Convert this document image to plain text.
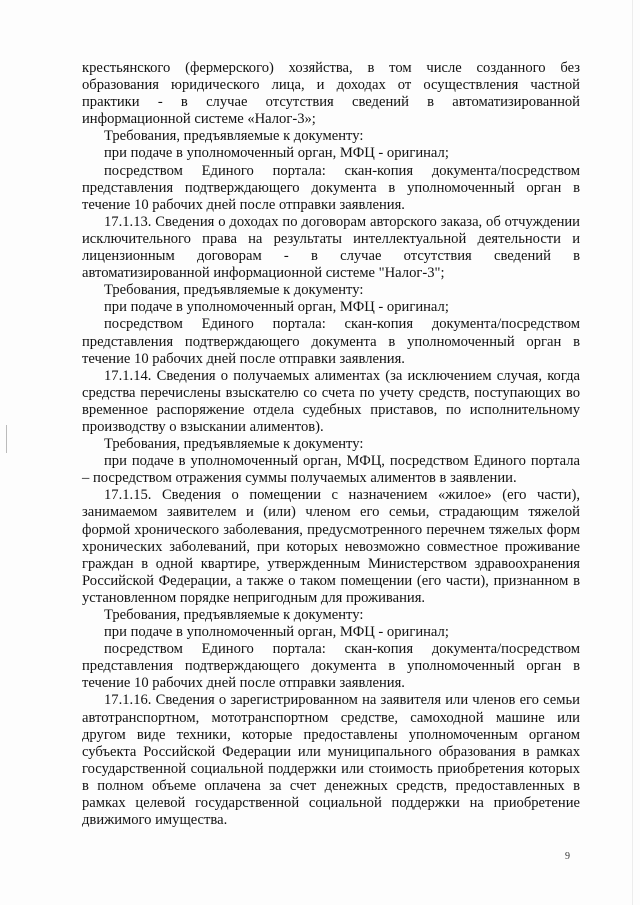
крестьянского (фермерского) хозяйства, в том числе созданного без образования юридического лица, и доходах от осуществления частной практики - в случае отсутствия сведений в автоматизированной информационной системе «Налог-3»;

Требования, предъявляемые к документу:

при подаче в уполномоченный орган, МФЦ - оригинал;

посредством Единого портала: скан-копия документа/посредством представления подтверждающего документа в уполномоченный орган в течение 10 рабочих дней после отправки заявления.

17.1.13. Сведения о доходах по договорам авторского заказа, об отчуждении исключительного права на результаты интеллектуальной деятельности и лицензионным договорам - в случае отсутствия сведений в автоматизированной информационной системе "Налог-3";

Требования, предъявляемые к документу:

при подаче в уполномоченный орган, МФЦ - оригинал;

посредством Единого портала: скан-копия документа/посредством представления подтверждающего документа в уполномоченный орган в течение 10 рабочих дней после отправки заявления.

17.1.14. Сведения о получаемых алиментах (за исключением случая, когда средства перечислены взыскателю со счета по учету средств, поступающих во временное распоряжение отдела судебных приставов, по исполнительному производству о взыскании алиментов).

Требования, предъявляемые к документу:

при подаче в уполномоченный орган, МФЦ, посредством Единого портала – посредством отражения суммы получаемых алиментов в заявлении.

17.1.15. Сведения о помещении с назначением «жилое» (его части), занимаемом заявителем и (или) членом его семьи, страдающим тяжелой формой хронического заболевания, предусмотренного перечнем тяжелых форм хронических заболеваний, при которых невозможно совместное проживание граждан в одной квартире, утвержденным Министерством здравоохранения Российской Федерации, а также о таком помещении (его части), признанном в установленном порядке непригодным для проживания.

Требования, предъявляемые к документу:

при подаче в уполномоченный орган, МФЦ - оригинал;

посредством Единого портала: скан-копия документа/посредством представления подтверждающего документа в уполномоченный орган в течение 10 рабочих дней после отправки заявления.

17.1.16. Сведения о зарегистрированном на заявителя или членов его семьи автотранспортном, мототранспортном средстве, самоходной машине или другом виде техники, которые предоставлены уполномоченным органом субъекта Российской Федерации или муниципального образования в рамках государственной социальной поддержки или стоимость приобретения которых в полном объеме оплачена за счет денежных средств, предоставленных в рамках целевой государственной социальной поддержки на приобретение движимого имущества.

9
